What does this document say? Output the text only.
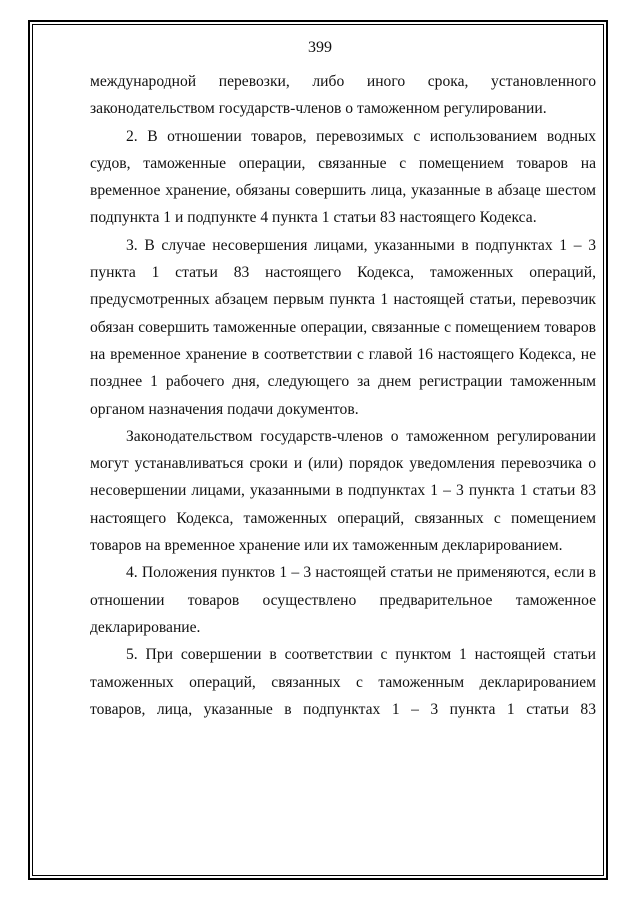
399

международной перевозки, либо иного срока, установленного законодательством государств-членов о таможенном регулировании.

2. В отношении товаров, перевозимых с использованием водных судов, таможенные операции, связанные с помещением товаров на временное хранение, обязаны совершить лица, указанные в абзаце шестом подпункта 1 и подпункте 4 пункта 1 статьи 83 настоящего Кодекса.

3. В случае несовершения лицами, указанными в подпунктах 1 – 3 пункта 1 статьи 83 настоящего Кодекса, таможенных операций, предусмотренных абзацем первым пункта 1 настоящей статьи, перевозчик обязан совершить таможенные операции, связанные с помещением товаров на временное хранение в соответствии с главой 16 настоящего Кодекса, не позднее 1 рабочего дня, следующего за днем регистрации таможенным органом назначения подачи документов.

Законодательством государств-членов о таможенном регулировании могут устанавливаться сроки и (или) порядок уведомления перевозчика о несовершении лицами, указанными в подпунктах 1 – 3 пункта 1 статьи 83 настоящего Кодекса, таможенных операций, связанных с помещением товаров на временное хранение или их таможенным декларированием.

4. Положения пунктов 1 – 3 настоящей статьи не применяются, если в отношении товаров осуществлено предварительное таможенное декларирование.

5. При совершении в соответствии с пунктом 1 настоящей статьи таможенных операций, связанных с таможенным декларированием товаров, лица, указанные в подпунктах 1 – 3 пункта 1 статьи 83
